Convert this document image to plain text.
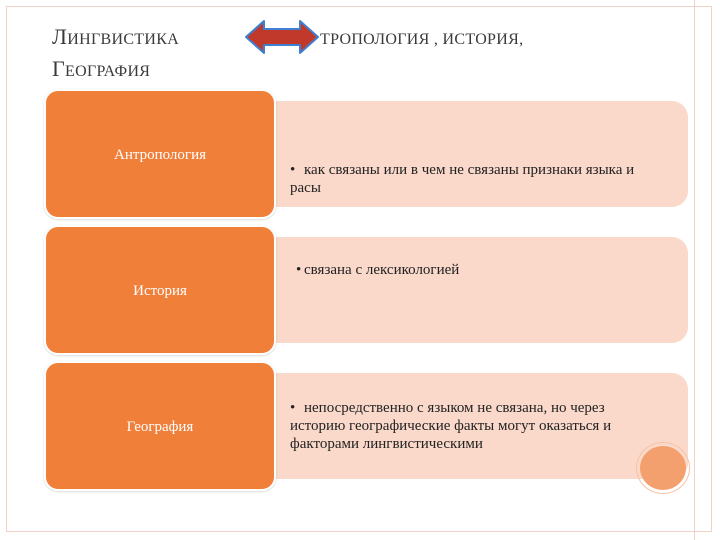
ЛИНГВИСТИКА	ТРОПОЛОГИЯ , ИСТОРИЯ,
ГЕОГРАФИЯ

• как связаны или в чем не связаны признаки языка и расы

Антропология

• связана с лексикологией

История

• непосредственно с языком не связана, но через историю географические факты могут оказаться и факторами лингвистическими

География
